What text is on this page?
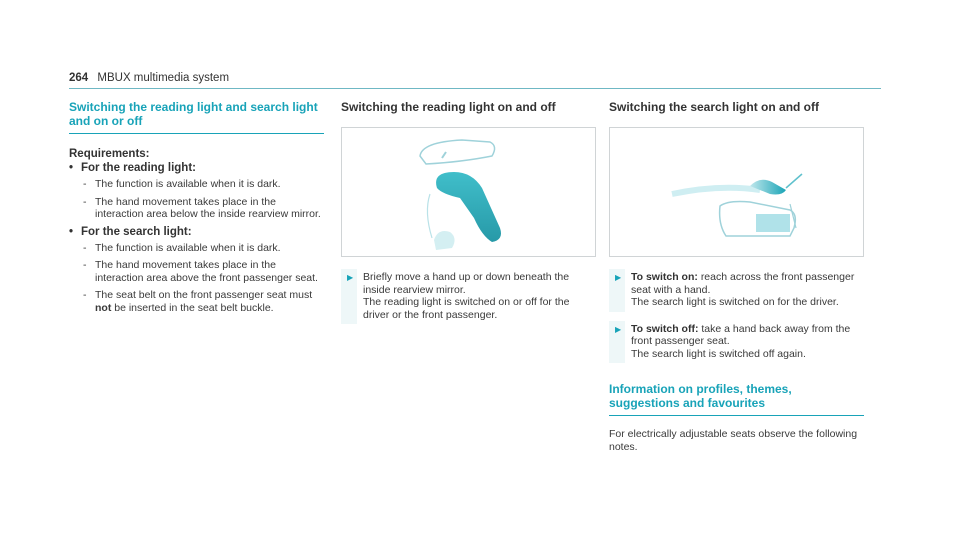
264 MBUX multimedia system
Switching the reading light and search light and on or off
Requirements:
• For the reading light:
- The function is available when it is dark.
- The hand movement takes place in the interaction area below the inside rearview mirror.
• For the search light:
- The function is available when it is dark.
- The hand movement takes place in the interaction area above the front passenger seat.
- The seat belt on the front passenger seat must not be inserted in the seat belt buckle.
Switching the reading light on and off
▶ Briefly move a hand up or down beneath the inside rearview mirror.
The reading light is switched on or off for the driver or the front passenger.
Switching the search light on and off
▶ To switch on: reach across the front passenger seat with a hand.
The search light is switched on for the driver.
▶ To switch off: take a hand back away from the front passenger seat.
The search light is switched off again.
Information on profiles, themes, suggestions and favourites
For electrically adjustable seats observe the following notes.
